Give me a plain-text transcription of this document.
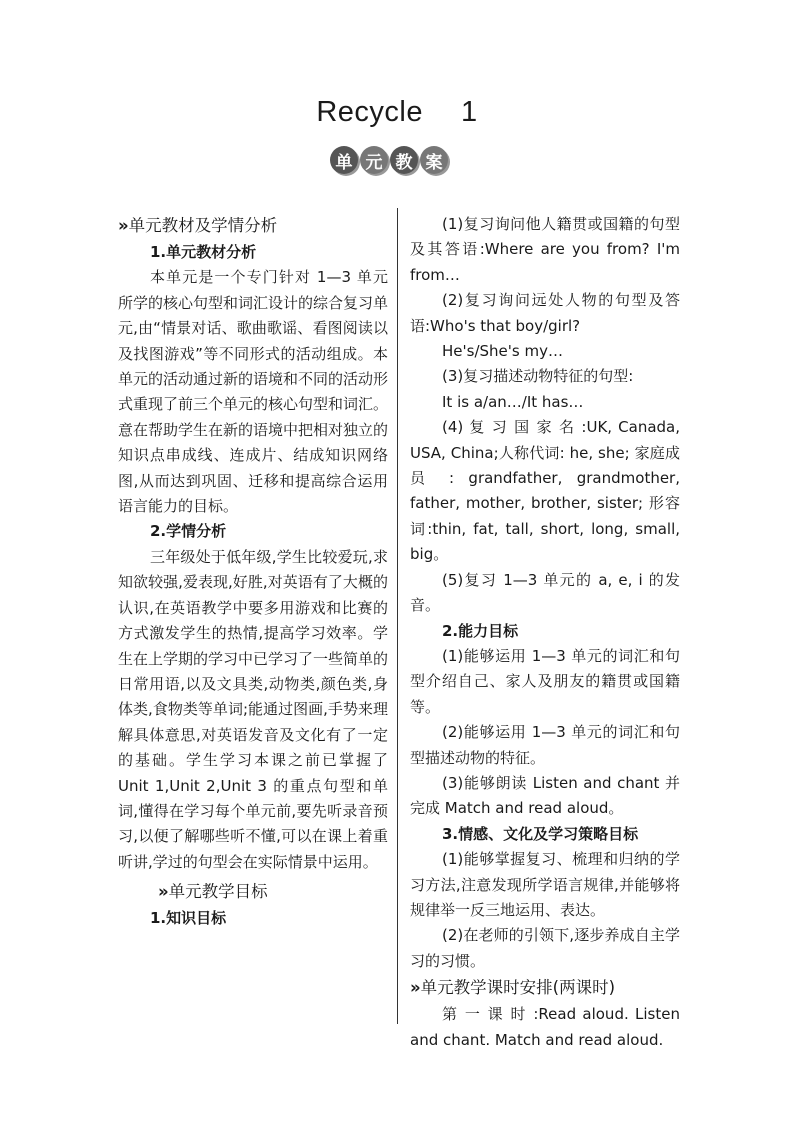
Recycle 1
单 元 教 案

» 单元教材及学情分析

1.单元教材分析

本单元是一个专门针对 1—3 单元所学的核心句型和词汇设计的综合复习单元,由“情景对话、歌曲歌谣、看图阅读以及找图游戏”等不同形式的活动组成。本单元的活动通过新的语境和不同的活动形式重现了前三个单元的核心句型和词汇。意在帮助学生在新的语境中把相对独立的知识点串成线、连成片、结成知识网络图,从而达到巩固、迁移和提高综合运用语言能力的目标。

2.学情分析

三年级处于低年级,学生比较爱玩,求知欲较强,爱表现,好胜,对英语有了大概的认识,在英语教学中要多用游戏和比赛的方式激发学生的热情,提高学习效率。学生在上学期的学习中已学习了一些简单的日常用语,以及文具类,动物类,颜色类,身体类,食物类等单词;能通过图画,手势来理解具体意思,对英语发音及文化有了一定的基础。学生学习本课之前已掌握了 Unit 1,Unit 2,Unit 3 的重点句型和单词,懂得在学习每个单元前,要先听录音预习,以便了解哪些听不懂,可以在课上着重听讲,学过的句型会在实际情景中运用。

» 单元教学目标

1.知识目标

(1)复习询问他人籍贯或国籍的句型及其答语:Where are you from? I'm from…

(2)复习询问远处人物的句型及答语:Who's that boy/girl?

He's/She's my…

(3)复习描述动物特征的句型:

It is a/an…/It has…

(4) 复 习 国 家 名 :UK, Canada, USA, China;人称代词: he, she; 家庭成 员 : grandfather, grandmother, father, mother, brother, sister; 形容词:thin, fat, tall, short, long, small, big。

(5)复习 1—3 单元的 a, e, i 的发音。

2.能力目标

(1)能够运用 1—3 单元的词汇和句型介绍自己、家人及朋友的籍贯或国籍等。

(2)能够运用 1—3 单元的词汇和句型描述动物的特征。

(3)能够朗读 Listen and chant 并完成 Match and read aloud。

3.情感、文化及学习策略目标

(1)能够掌握复习、梳理和归纳的学习方法,注意发现所学语言规律,并能够将规律举一反三地运用、表达。

(2)在老师的引领下,逐步养成自主学习的习惯。

» 单元教学课时安排(两课时)

第 一 课 时 :Read aloud. Listen and chant. Match and read aloud.
